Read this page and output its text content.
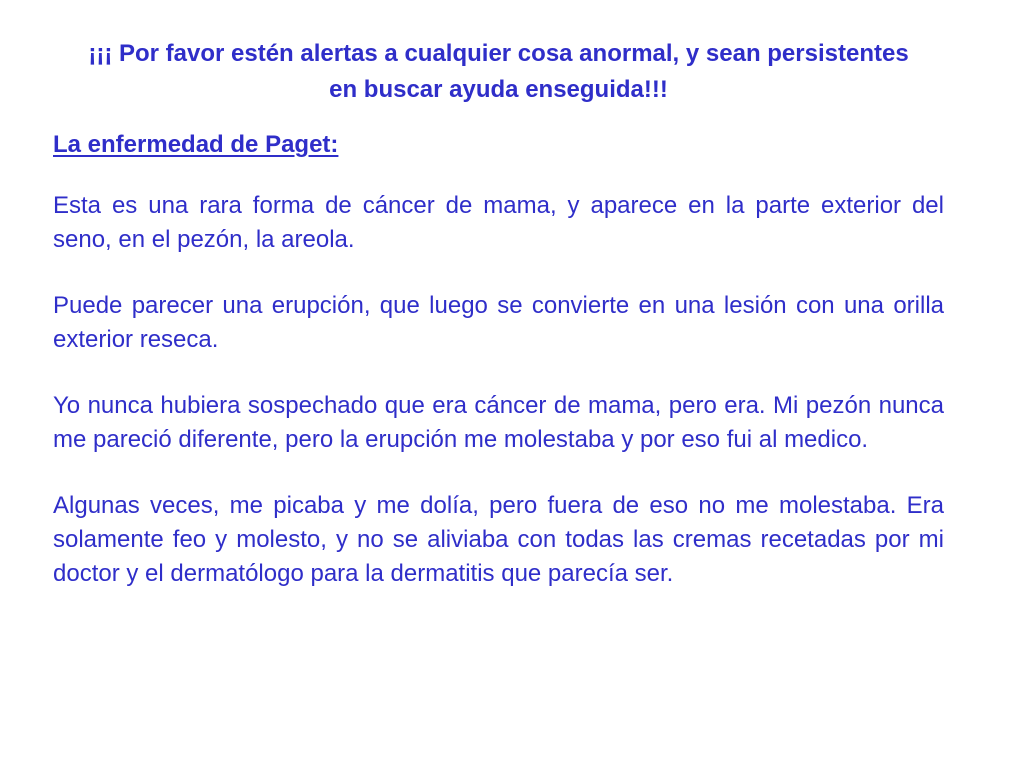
¡¡¡ Por favor estén alertas a cualquier cosa anormal, y sean persistentes en buscar ayuda enseguida!!!
La enfermedad de Paget:

Esta es una rara forma de cáncer de mama, y aparece en la parte exterior del seno, en el pezón, la areola.

Puede parecer una erupción, que luego se convierte en una lesión con una orilla exterior reseca.

Yo nunca hubiera sospechado que era cáncer de mama, pero era. Mi pezón nunca me pareció diferente, pero la erupción me molestaba y por eso fui al medico.

Algunas veces, me picaba y me dolía, pero fuera de eso no me molestaba. Era solamente feo y molesto, y no se aliviaba con todas las cremas recetadas por mi doctor y el dermatólogo para la dermatitis que parecía ser.
